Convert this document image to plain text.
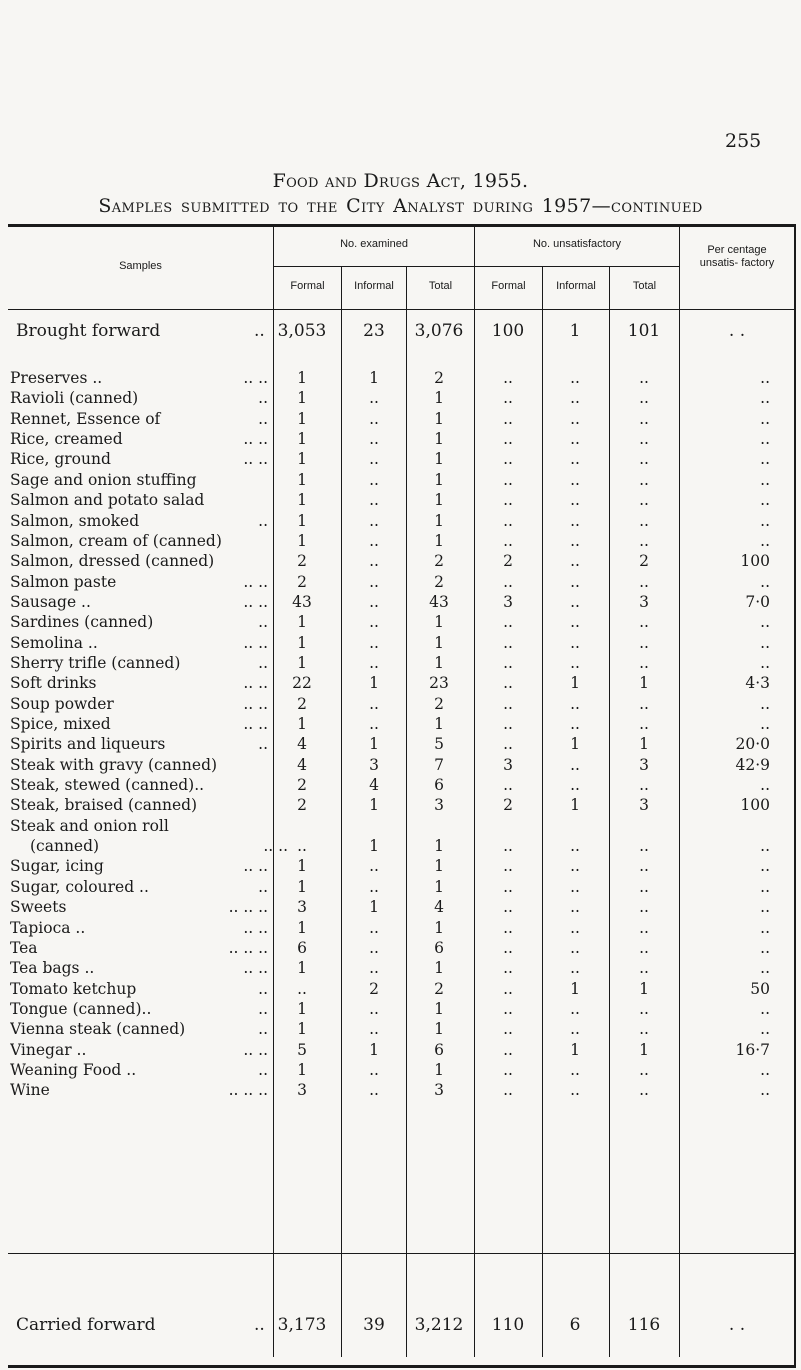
255
Food and Drugs Act, 1955.
Samples submitted to the City Analyst during 1957—continued
Samples
No. examined	No. unsatisfactory	Per centage unsatis- factory
Formal	Informal	Total	Formal	Informal	Total
Brought forward	.. 3,053	23	3,076	100	1	101	. .
Preserves ..	.. ..	1	1	2	..	..	..	..
Ravioli (canned)	..	1	..	1	..	..	..	..
Rennet, Essence of	..	1	..	1	..	..	..	..
Rice, creamed	.. ..	1	..	1	..	..	..	..
Rice, ground	.. ..	1	..	1	..	..	..	..
Sage and onion stuffing	1	..	1	..	..	..	..
Salmon and potato salad	1	..	1	..	..	..	..
Salmon, smoked	..	1	..	1	..	..	..	..
Salmon, cream of (canned)	1	..	1	..	..	..	..
Salmon, dressed (canned)	2	..	2	2	..	2	100
Salmon paste	.. ..	2	..	2	..	..	..	..
Sausage ..	.. ..	43	..	43	3	..	3	7·0
Sardines (canned)	..	1	..	1	..	..	..	..
Semolina ..	.. ..	1	..	1	..	..	..	..
Sherry trifle (canned)	..	1	..	1	..	..	..	..
Soft drinks	.. ..	22	1	23	..	1	1	4·3
Soup powder	.. ..	2	..	2	..	..	..	..
Spice, mixed	.. ..	1	..	1	..	..	..	..
Spirits and liqueurs	..	4	1	5	..	1	1	20·0
Steak with gravy (canned)	4	3	7	3	..	3	42·9
Steak, stewed (canned)..	2	4	6	..	..	..	..
Steak, braised (canned)	2	1	3	2	1	3	100
Steak and onion roll
(canned)	.. .. ..	1	1	..	..	..	..
Sugar, icing	.. ..	1	..	1	..	..	..	..
Sugar, coloured ..	..	1	..	1	..	..	..	..
Sweets	.. .. ..	3	1	4	..	..	..	..
Tapioca ..	.. ..	1	..	1	..	..	..	..
Tea	.. .. ..	6	..	6	..	..	..	..
Tea bags ..	.. ..	1	..	1	..	..	..	..
Tomato ketchup	..	..	2	2	..	1	1	50
Tongue (canned)..	..	1	..	1	..	..	..	..
Vienna steak (canned)	..	1	..	1	..	..	..	..
Vinegar ..	.. ..	5	1	6	..	1	1	16·7
Weaning Food ..	..	1	..	1	..	..	..	..
Wine	.. .. ..	3	..	3	..	..	..	..
Carried forward	.. 3,173	39	3,212	110	6	116	. .
